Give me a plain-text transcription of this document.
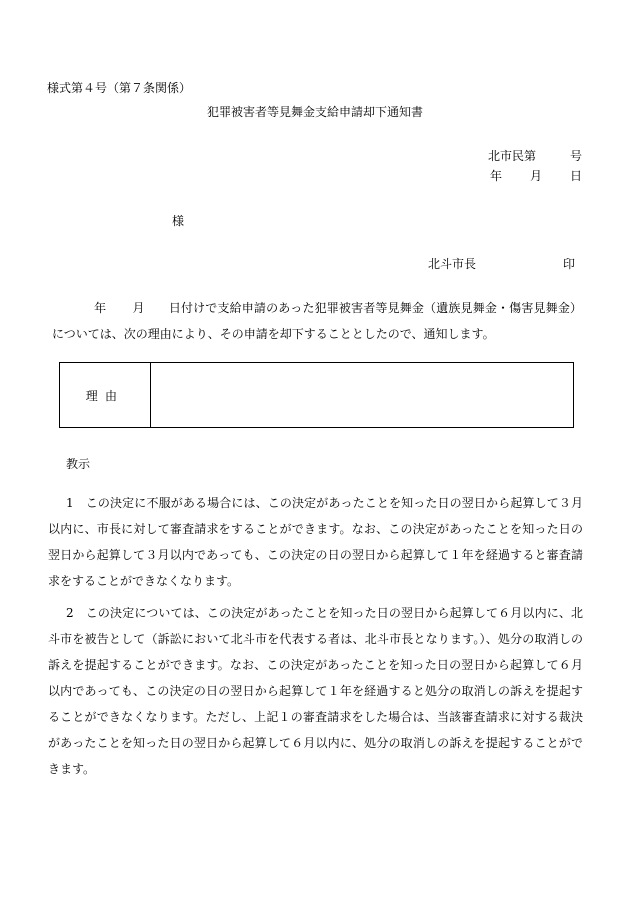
様式第４号（第７条関係）
犯罪被害者等見舞金支給申請却下通知書
北市民第	号
年 月 日
様
北斗市長	印
年 月 日付けで支給申請のあった犯罪被害者等見舞金（遺族見舞金・傷害見舞金）については、次の理由により、その申請を却下することとしたので、通知します。
理由
教示

1 この決定に不服がある場合には、この決定があったことを知った日の翌日から起算して３月以内に、市長に対して審査請求をすることができます。なお、この決定があったことを知った日の翌日から起算して３月以内であっても、この決定の日の翌日から起算して１年を経過すると審査請求をすることができなくなります。

2 この決定については、この決定があったことを知った日の翌日から起算して６月以内に、北斗市を被告として（訴訟において北斗市を代表する者は、北斗市長となります。）、処分の取消しの訴えを提起することができます。なお、この決定があったことを知った日の翌日から起算して６月以内であっても、この決定の日の翌日から起算して１年を経過すると処分の取消しの訴えを提起することができなくなります。ただし、上記１の審査請求をした場合は、当該審査請求に対する裁決があったことを知った日の翌日から起算して６月以内に、処分の取消しの訴えを提起することができます。
